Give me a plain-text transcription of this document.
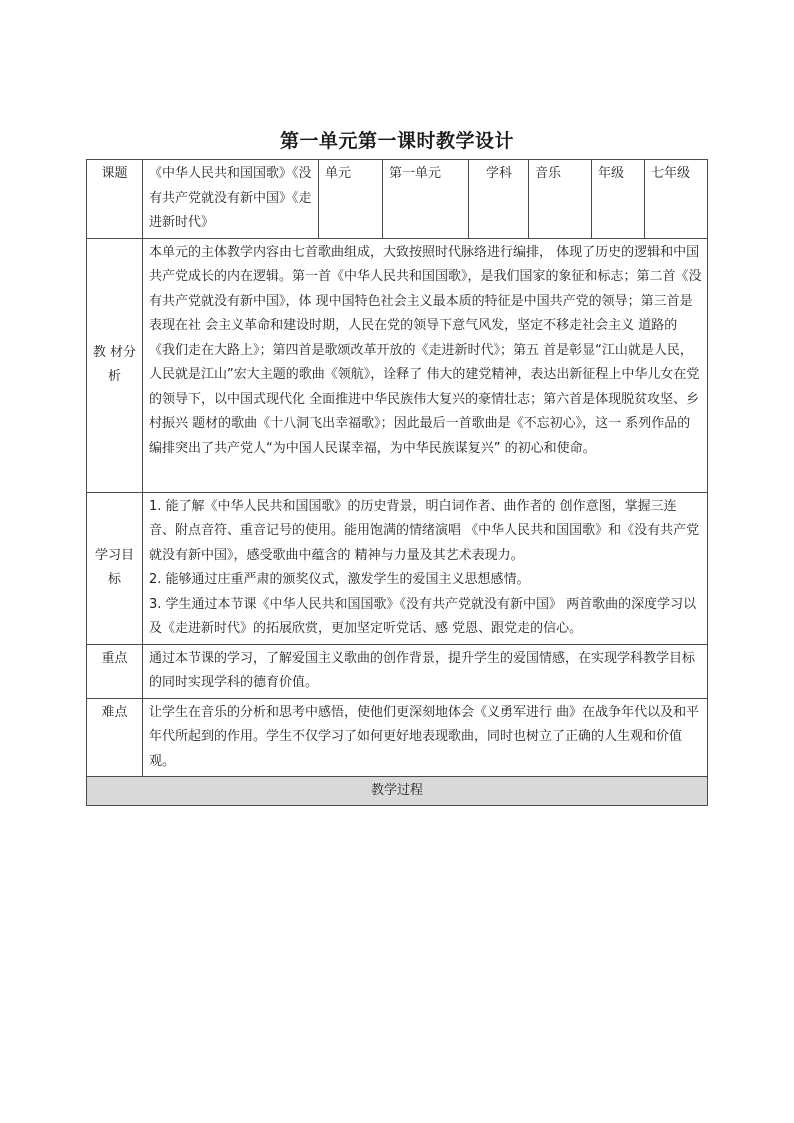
第一单元第一课时教学设计
课题	《中华人民共和国国歌》《没有共产党就没有新中国》《走进新时代》	单元	第一单元	学科	音乐	年级	七年级
教 材分析	本单元的主体教学内容由七首歌曲组成，大致按照时代脉络进行编排， 体现了历史的逻辑和中国共产党成长的内在逻辑。第一首《中华人民共和国国歌》，是我们国家的象征和标志；第二首《没有共产党就没有新中国》，体 现中国特色社会主义最本质的特征是中国共产党的领导；第三首是表现在社 会主义革命和建设时期，人民在党的领导下意气风发，坚定不移走社会主义 道路的《我们走在大路上》；第四首是歌颂改革开放的《走进新时代》；第五 首是彰显“江山就是人民，人民就是江山”宏大主题的歌曲《领航》，诠释了 伟大的建党精神，表达出新征程上中华儿女在党的领导下，以中国式现代化 全面推进中华民族伟大复兴的豪情壮志；第六首是体现脱贫攻坚、乡村振兴 题材的歌曲《十八洞飞出幸福歌》；因此最后一首歌曲是《不忘初心》，这一 系列作品的编排突出了共产党人“为中国人民谋幸福，为中华民族谋复兴” 的初心和使命。						
学习目标	1. 能了解《中华人民共和国国歌》的历史背景，明白词作者、曲作者的 创作意图，掌握三连音、附点音符、重音记号的使用。能用饱满的情绪演唱 《中华人民共和国国歌》和《没有共产党就没有新中国》，感受歌曲中蕴含的 精神与力量及其艺术表现力。

2. 能够通过庄重严肃的颁奖仪式，激发学生的爱国主义思想感情。

3. 学生通过本节课《中华人民共和国国歌》《没有共产党就没有新中国》 两首歌曲的深度学习以及《走进新时代》的拓展欣赏，更加坚定听党话、感 党恩、跟党走的信心。						

重点	通过本节课的学习，了解爱国主义歌曲的创作背景，提升学生的爱国情感，在实现学科教学目标的同时实现学科的德育价值。						
难点	让学生在音乐的分析和思考中感悟，使他们更深刻地体会《义勇军进行 曲》在战争年代以及和平年代所起到的作用。学生不仅学习了如何更好地表现歌曲，同时也树立了正确的人生观和价值观。						
教学过程							
